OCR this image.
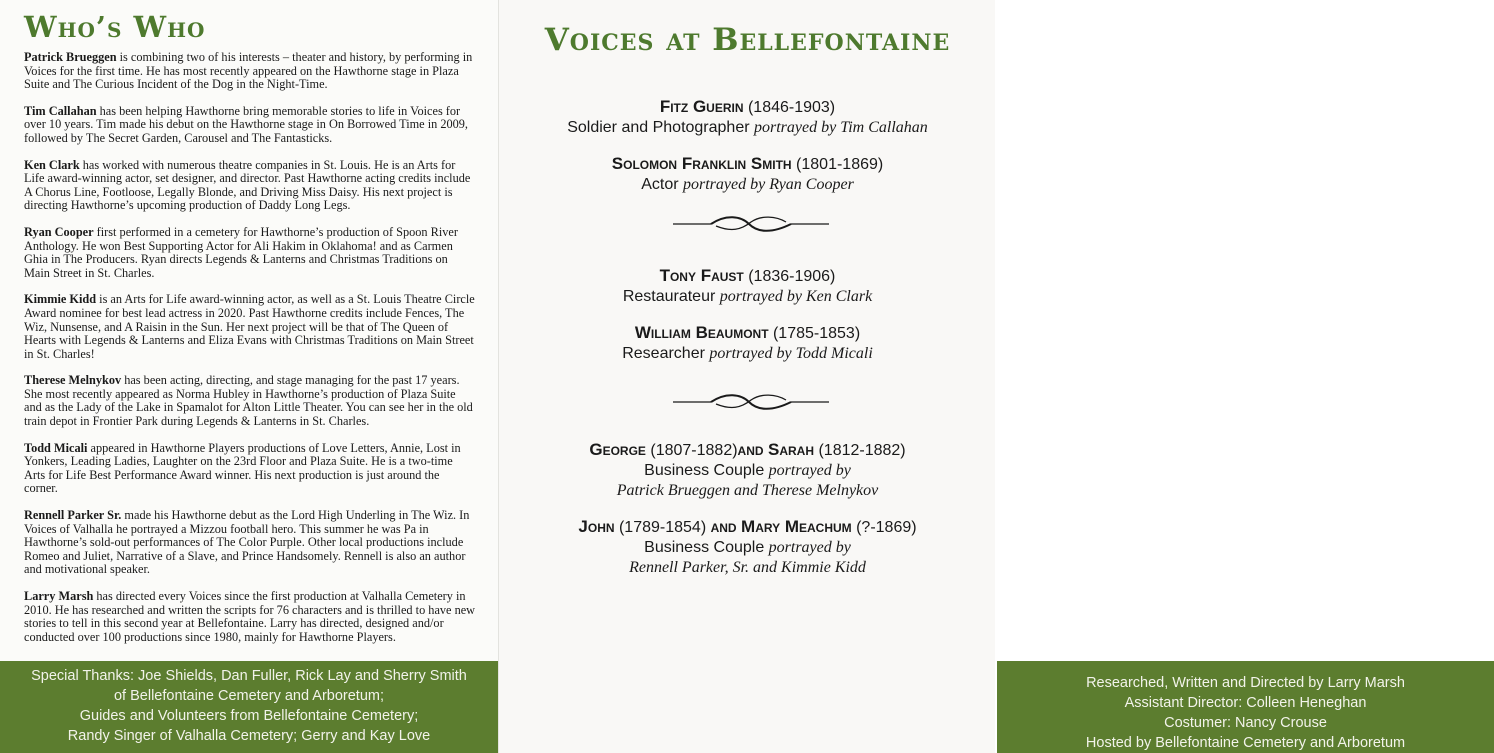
Who’s Who

Patrick Brueggen is combining two of his interests – theater and history, by performing in Voices for the first time. He has most recently appeared on the Hawthorne stage in Plaza Suite and The Curious Incident of the Dog in the Night-Time.

Tim Callahan has been helping Hawthorne bring memorable stories to life in Voices for over 10 years. Tim made his debut on the Hawthorne stage in On Borrowed Time in 2009, followed by The Secret Garden, Carousel and The Fantasticks.

Ken Clark has worked with numerous theatre companies in St. Louis. He is an Arts for Life award-winning actor, set designer, and director. Past Hawthorne acting credits include A Chorus Line, Footloose, Legally Blonde, and Driving Miss Daisy. His next project is directing Hawthorne’s upcoming production of Daddy Long Legs.

Ryan Cooper first performed in a cemetery for Hawthorne’s production of Spoon River Anthology. He won Best Supporting Actor for Ali Hakim in Oklahoma! and as Carmen Ghia in The Producers. Ryan directs Legends & Lanterns and Christmas Traditions on Main Street in St. Charles.

Kimmie Kidd is an Arts for Life award-winning actor, as well as a St. Louis Theatre Circle Award nominee for best lead actress in 2020. Past Hawthorne credits include Fences, The Wiz, Nunsense, and A Raisin in the Sun. Her next project will be that of The Queen of Hearts with Legends & Lanterns and Eliza Evans with Christmas Traditions on Main Street in St. Charles!

Therese Melnykov has been acting, directing, and stage managing for the past 17 years. She most recently appeared as Norma Hubley in Hawthorne’s production of Plaza Suite and as the Lady of the Lake in Spamalot for Alton Little Theater. You can see her in the old train depot in Frontier Park during Legends & Lanterns in St. Charles.

Todd Micali appeared in Hawthorne Players productions of Love Letters, Annie, Lost in Yonkers, Leading Ladies, Laughter on the 23rd Floor and Plaza Suite. He is a two-time Arts for Life Best Performance Award winner. His next production is just around the corner.

Rennell Parker Sr. made his Hawthorne debut as the Lord High Underling in The Wiz. In Voices of Valhalla he portrayed a Mizzou football hero. This summer he was Pa in Hawthorne’s sold-out performances of The Color Purple. Other local productions include Romeo and Juliet, Narrative of a Slave, and Prince Handsomely. Rennell is also an author and motivational speaker.

Larry Marsh has directed every Voices since the first production at Valhalla Cemetery in 2010. He has researched and written the scripts for 76 characters and is thrilled to have new stories to tell in this second year at Bellefontaine. Larry has directed, designed and/or conducted over 100 productions since 1980, mainly for Hawthorne Players.

Special Thanks: Joe Shields, Dan Fuller, Rick Lay and Sherry Smith
of Bellefontaine Cemetery and Arboretum;
Guides and Volunteers from Bellefontaine Cemetery;
Randy Singer of Valhalla Cemetery; Gerry and Kay Love
Voices at Bellefontaine
Fitz Guerin (1846-1903)
Soldier and Photographer portrayed by Tim Callahan
Solomon Franklin Smith (1801-1869)
Actor portrayed by Ryan Cooper
Tony Faust (1836-1906)
Restaurateur portrayed by Ken Clark
William Beaumont (1785-1853)
Researcher portrayed by Todd Micali
George (1807-1882)and Sarah (1812-1882)
Business Couple portrayed by
Patrick Brueggen and Therese Melnykov
John (1789-1854) and Mary Meachum (?-1869)
Business Couple portrayed by
Rennell Parker, Sr. and Kimmie Kidd
Researched, Written and Directed by Larry Marsh
Assistant Director: Colleen Heneghan
Costumer: Nancy Crouse
Hosted by Bellefontaine Cemetery and Arboretum
